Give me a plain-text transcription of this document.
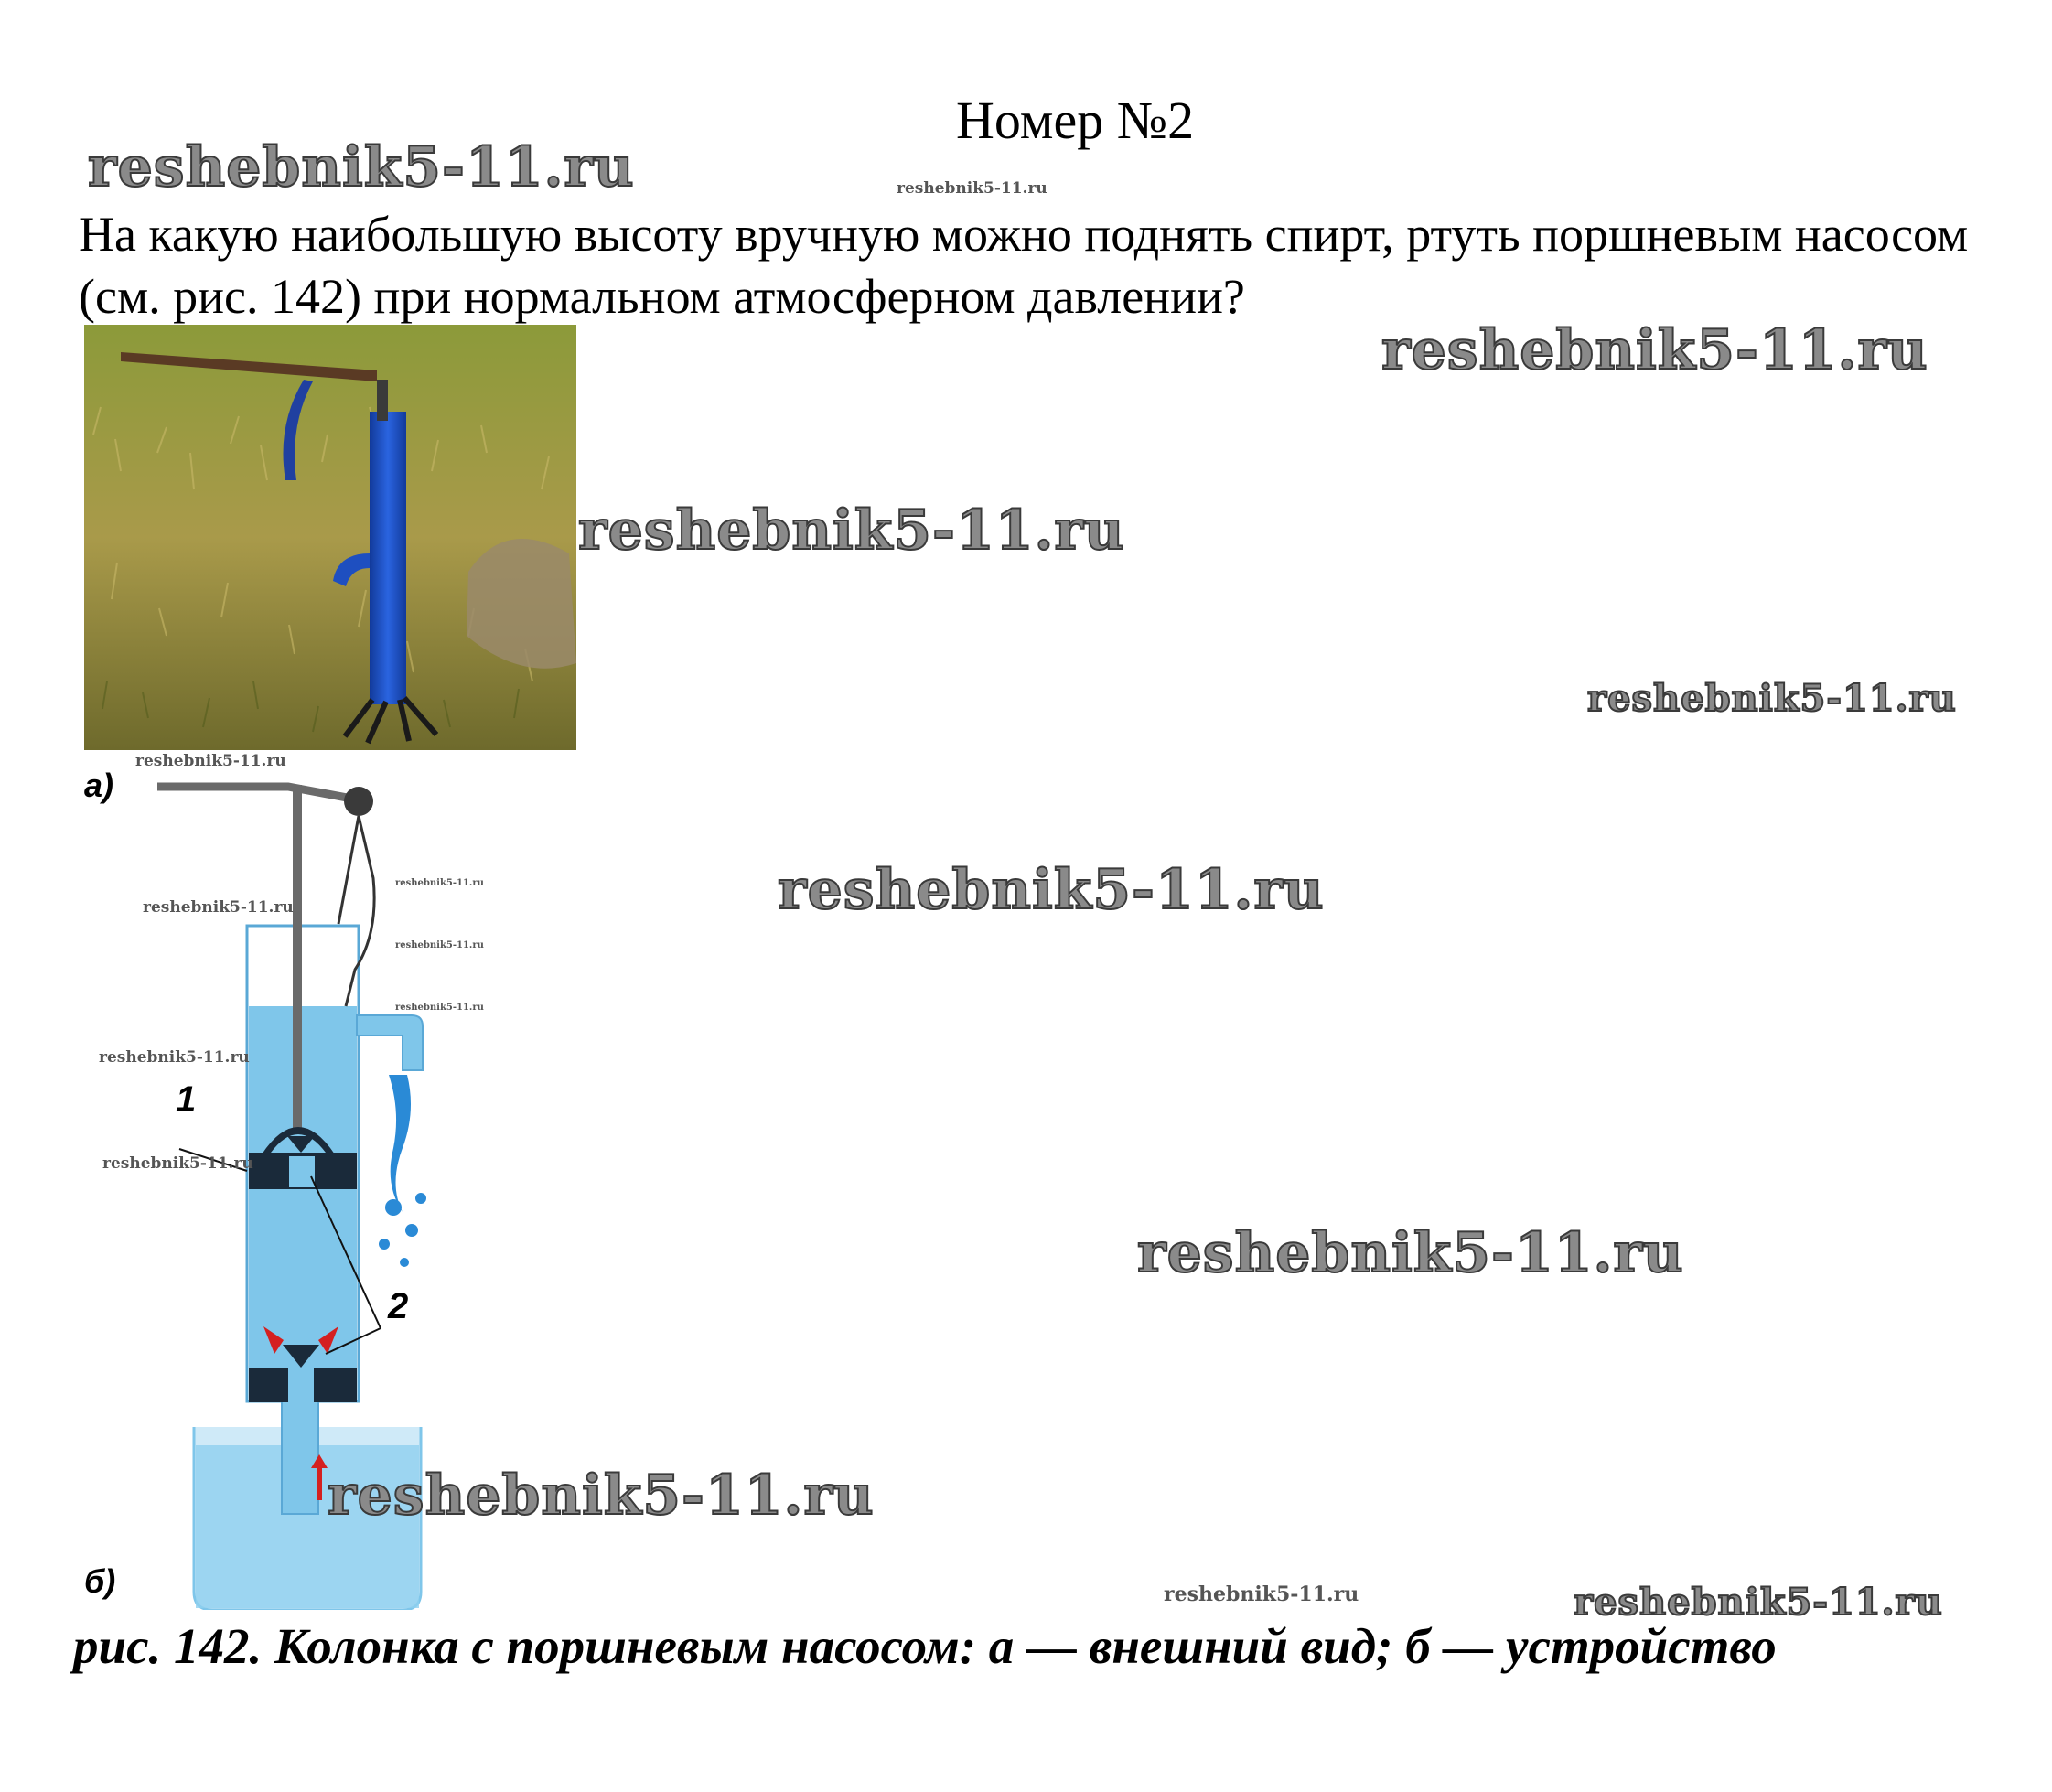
Номер №2
На какую наибольшую высоту вручную можно поднять спирт, ртуть поршневым насосом (см. рис. 142) при нормальном атмосферном давлении?
reshebnik5-11.ru
reshebnik5-11.ru
reshebnik5-11.ru
reshebnik5-11.ru
reshebnik5-11.ru
reshebnik5-11.ru
reshebnik5-11.ru
reshebnik5-11.ru
reshebnik5-11.ru
а)
reshebnik5-11.ru
1
2
reshebnik5-11.ru
reshebnik5-11.ru
reshebnik5-11.ru
reshebnik5-11.ru
reshebnik5-11.ru
reshebnik5-11.ru
reshebnik5-11.ru
б)
рис. 142. Колонка с поршневым насосом: а — внешний вид; б — устройство
